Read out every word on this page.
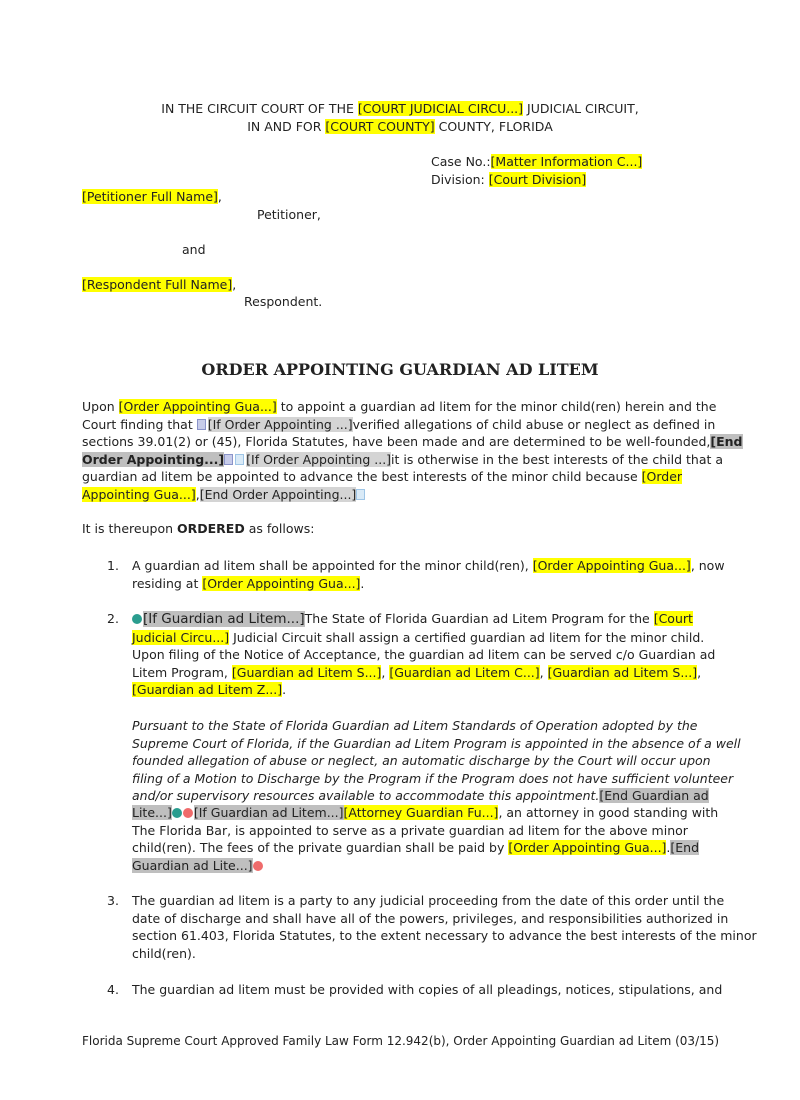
IN THE CIRCUIT COURT OF THE [COURT JUDICIAL CIRCU...] JUDICIAL CIRCUIT,
IN AND FOR [COURT COUNTY] COUNTY, FLORIDA
Case No.:[Matter Information C...]
Division: [Court Division]
[Petitioner Full Name],
Petitioner,
and
[Respondent Full Name],
Respondent.
ORDER APPOINTING GUARDIAN AD LITEM
Upon [Order Appointing Gua...] to appoint a guardian ad litem for the minor child(ren) herein and the
Court finding that [If Order Appointing ...]verified allegations of child abuse or neglect as defined in
sections 39.01(2) or (45), Florida Statutes, have been made and are determined to be well-founded,[End
Order Appointing...] [If Order Appointing ...]it is otherwise in the best interests of the child that a
guardian ad litem be appointed to advance the best interests of the minor child because [Order
Appointing Gua...],[End Order Appointing...]
It is thereupon ORDERED as follows:
1. A guardian ad litem shall be appointed for the minor child(ren), [Order Appointing Gua...], now
residing at [Order Appointing Gua...].
2.	[If Guardian ad Litem...]The State of Florida Guardian ad Litem Program for the [Court
Judicial Circu...] Judicial Circuit shall assign a certified guardian ad litem for the minor child.
Upon filing of the Notice of Acceptance, the guardian ad litem can be served c/o Guardian ad
Litem Program, [Guardian ad Litem S...], [Guardian ad Litem C...], [Guardian ad Litem S...],
[Guardian ad Litem Z...].
Pursuant to the State of Florida Guardian ad Litem Standards of Operation adopted by the
Supreme Court of Florida, if the Guardian ad Litem Program is appointed in the absence of a well
founded allegation of abuse or neglect, an automatic discharge by the Court will occur upon
filing of a Motion to Discharge by the Program if the Program does not have sufficient volunteer
and/or supervisory resources available to accommodate this appointment.[End Guardian ad
Lite...] [If Guardian ad Litem...][Attorney Guardian Fu...], an attorney in good standing with
The Florida Bar, is appointed to serve as a private guardian ad litem for the above minor
child(ren). The fees of the private guardian shall be paid by [Order Appointing Gua...].[End
Guardian ad Lite...]
3. The guardian ad litem is a party to any judicial proceeding from the date of this order until the
date of discharge and shall have all of the powers, privileges, and responsibilities authorized in
section 61.403, Florida Statutes, to the extent necessary to advance the best interests of the minor
child(ren).
4. The guardian ad litem must be provided with copies of all pleadings, notices, stipulations, and
Florida Supreme Court Approved Family Law Form 12.942(b), Order Appointing Guardian ad Litem (03/15)
